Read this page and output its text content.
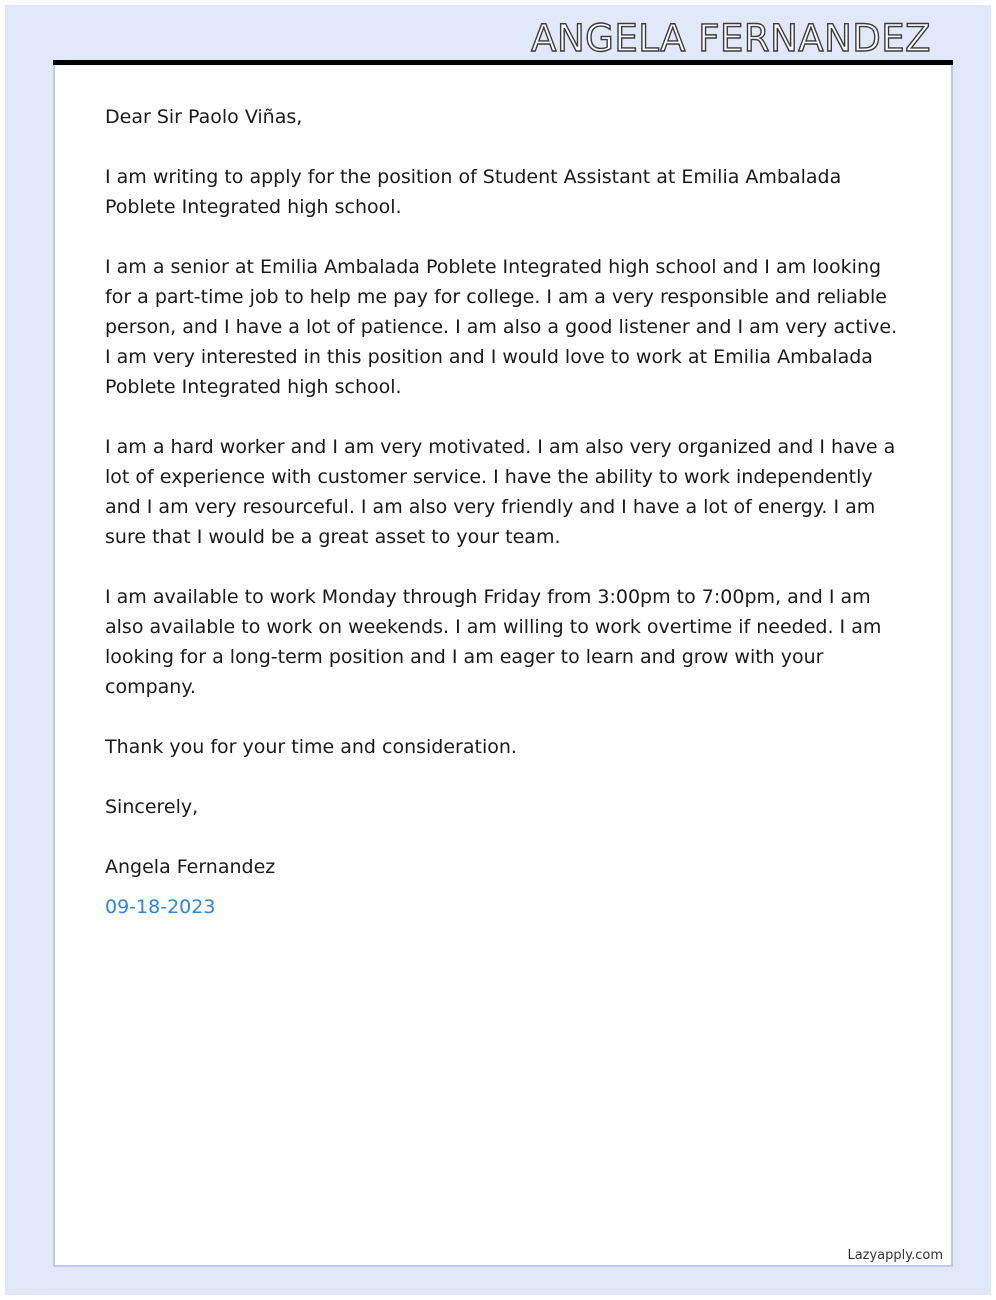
ANGELA FERNANDEZ

Dear Sir Paolo Viñas,

I am writing to apply for the position of Student Assistant at Emilia Ambalada Poblete Integrated high school.

I am a senior at Emilia Ambalada Poblete Integrated high school and I am looking for a part-time job to help me pay for college. I am a very responsible and reliable person, and I have a lot of patience. I am also a good listener and I am very active. I am very interested in this position and I would love to work at Emilia Ambalada Poblete Integrated high school.

I am a hard worker and I am very motivated. I am also very organized and I have a lot of experience with customer service. I have the ability to work independently and I am very resourceful. I am also very friendly and I have a lot of energy. I am sure that I would be a great asset to your team.

I am available to work Monday through Friday from 3:00pm to 7:00pm, and I am also available to work on weekends. I am willing to work overtime if needed. I am looking for a long-term position and I am eager to learn and grow with your company.

Thank you for your time and consideration.

Sincerely,

Angela Fernandez

09-18-2023

Lazyapply.com
